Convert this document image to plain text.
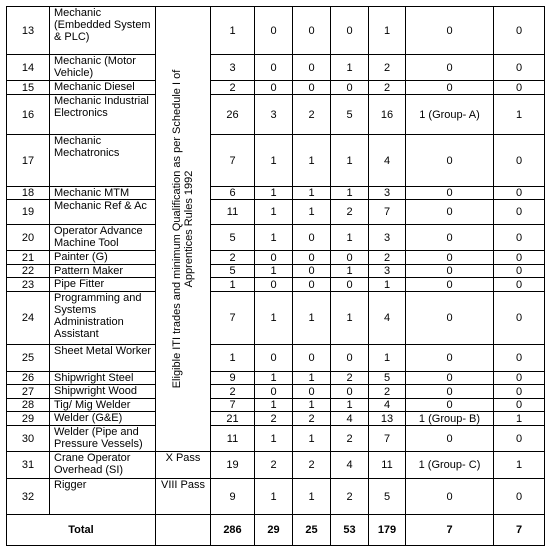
13	Mechanic (Embedded System & PLC)	Eligible ITI trades and minimum Qualification as per Schedule I of Apprentices Rules 1992	1	0	0	0	1	0	0
14	Mechanic (Motor Vehicle)		3	0	0	1	2	0	0
15	Mechanic Diesel		2	0	0	0	2	0	0
16	Mechanic Industrial Electronics		26	3	2	5	16	1 (Group- A)	1
17	Mechanic Mechatronics		7	1	1	1	4	0	0
18	Mechanic MTM		6	1	1	1	3	0	0
19	Mechanic Ref & Ac		11	1	1	2	7	0	0
20	Operator Advance Machine Tool		5	1	0	1	3	0	0
21	Painter (G)		2	0	0	0	2	0	0
22	Pattern Maker		5	1	0	1	3	0	0
23	Pipe Fitter		1	0	0	0	1	0	0
24	Programming and Systems Administration Assistant		7	1	1	1	4	0	0
25	Sheet Metal Worker		1	0	0	0	1	0	0
26	Shipwright Steel		9	1	1	2	5	0	0
27	Shipwright Wood		2	0	0	0	2	0	0
28	Tig/ Mig Welder		7	1	1	1	4	0	0
29	Welder (G&E)		21	2	2	4	13	1 (Group- B)	1
30	Welder (Pipe and Pressure Vessels)		11	1	1	2	7	0	0
31	Crane Operator Overhead (SI)	X Pass	19	2	2	4	11	1 (Group- C)	1
32	Rigger	VIII Pass	9	1	1	2	5	0	0
Total			286	29	25	53	179	7	7
